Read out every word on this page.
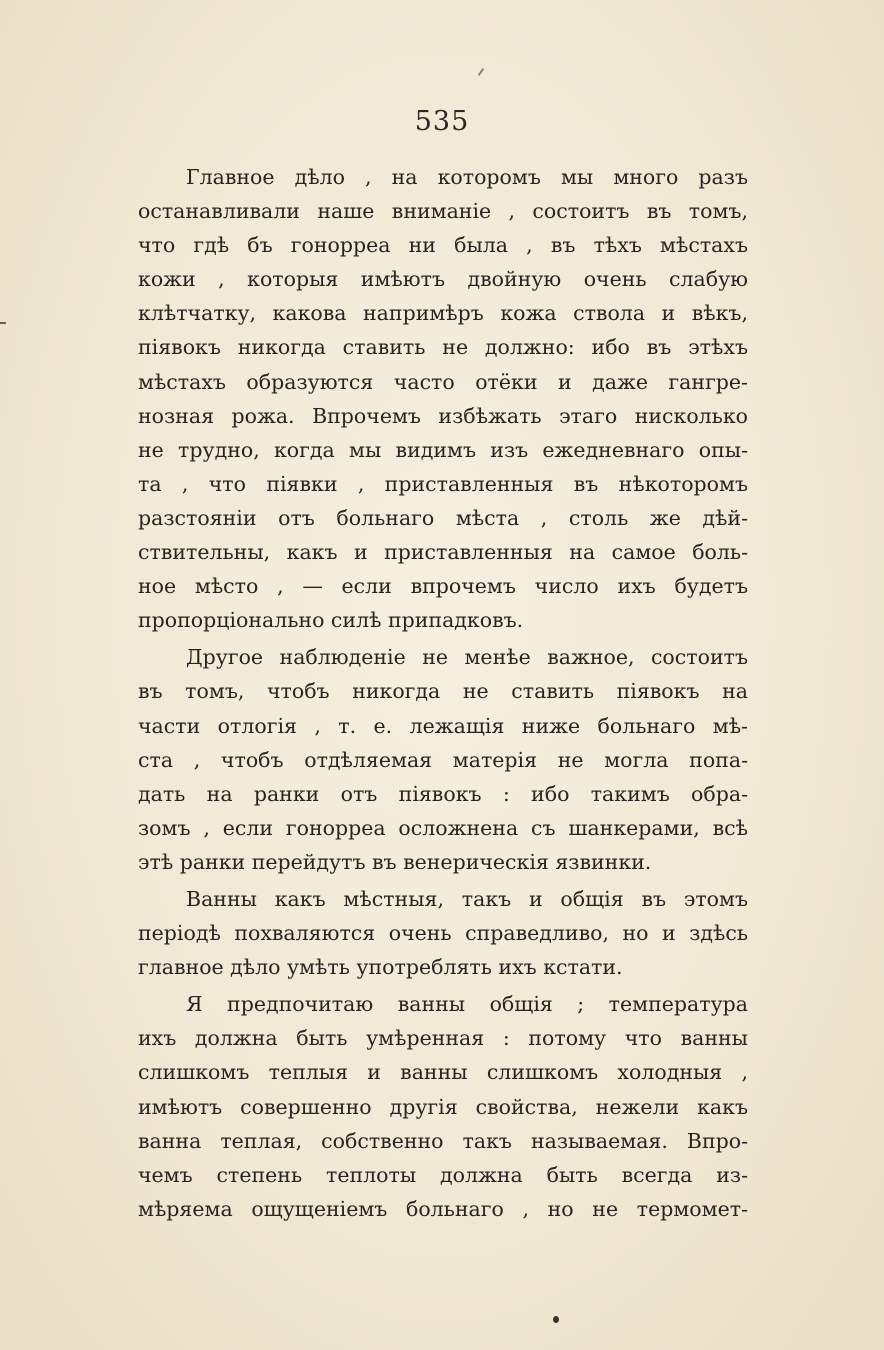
535
Главное дѣло , на которомъ мы много разъ
останавливали наше вниманіе , состоитъ въ томъ,
что гдѣ бъ гонорреа ни была , въ тѣхъ мѣстахъ
кожи , которыя имѣютъ двойную очень слабую
клѣтчатку, какова напримѣръ кожа ствола и вѣкъ,
піявокъ никогда ставить не должно: ибо въ этѣхъ
мѣстахъ образуются часто отёки и даже гангре-
нозная рожа. Впрочемъ избѣжать этаго нисколько
не трудно, когда мы видимъ изъ ежедневнаго опы-
та , что піявки , приставленныя въ нѣкоторомъ
разстояніи отъ больнаго мѣста , столь же дѣй-
ствительны, какъ и приставленныя на самое боль-
ное мѣсто , — если впрочемъ число ихъ будетъ
пропорціонально силѣ припадковъ.
Другое наблюденіе не менѣе важное, состоитъ
въ томъ, чтобъ никогда не ставить піявокъ на
части отлогія , т. е. лежащія ниже больнаго мѣ-
ста , чтобъ отдѣляемая матерія не могла попа-
дать на ранки отъ піявокъ : ибо такимъ обра-
зомъ , если гонорреа осложнена съ шанкерами, всѣ
этѣ ранки перейдутъ въ венерическія язвинки.
Ванны какъ мѣстныя, такъ и общія въ этомъ
періодѣ похваляются очень справедливо, но и здѣсь
главное дѣло умѣть употреблять ихъ кстати.
Я предпочитаю ванны общія ; температура
ихъ должна быть умѣренная : потому что ванны
слишкомъ теплыя и ванны слишкомъ холодныя ,
имѣютъ совершенно другія свойства, нежели какъ
ванна теплая, собственно такъ называемая. Впро-
чемъ степень теплоты должна быть всегда из-
мѣряема ощущеніемъ больнаго , но не термомет-
